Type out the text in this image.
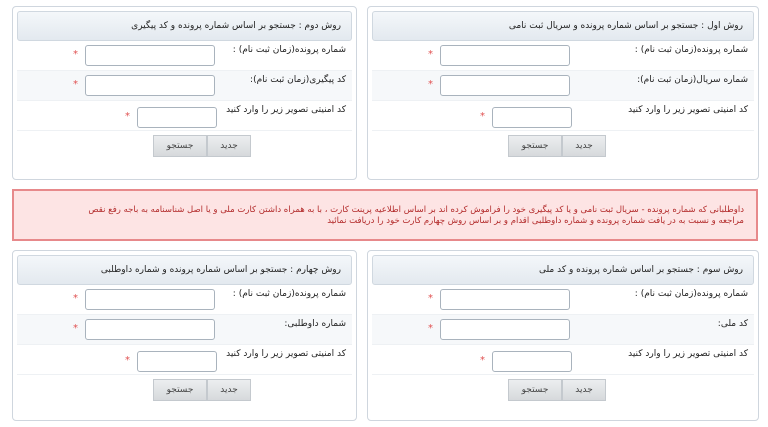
روش اول : جستجو بر اساس شماره پرونده و سریال ثبت نامی
شماره پرونده(زمان ثبت نام) :
*
شماره سریال(زمان ثبت نام):
*
کد امنیتی تصویر زیر را وارد کنید
*
جستجو	جدید
روش دوم : جستجو بر اساس شماره پرونده و کد پیگیری
شماره پرونده(زمان ثبت نام) :
*
کد پیگیری(زمان ثبت نام):
*
کد امنیتی تصویر زیر را وارد کنید
*
جستجو	جدید

داوطلبانی که شماره پرونده - سریال ثبت نامی و یا کد پیگیری خود را فراموش کرده اند بر اساس اطلاعیه پرینت کارت ، با به همراه داشتن کارت ملی و یا اصل شناسنامه به باجه رفع نقص

مراجعه و نسبت به در یافت شماره پرونده و شماره داوطلبی اقدام و بر اساس روش چهارم کارت خود را دریافت نمائید

روش سوم : جستجو بر اساس شماره پرونده و کد ملی
شماره پرونده(زمان ثبت نام) :
*
کد ملی:
*
کد امنیتی تصویر زیر را وارد کنید
*
جستجو	جدید
روش چهارم : جستجو بر اساس شماره پرونده و شماره داوطلبی
شماره پرونده(زمان ثبت نام) :
*
شماره داوطلبی:
*
کد امنیتی تصویر زیر را وارد کنید
*
جستجو	جدید
